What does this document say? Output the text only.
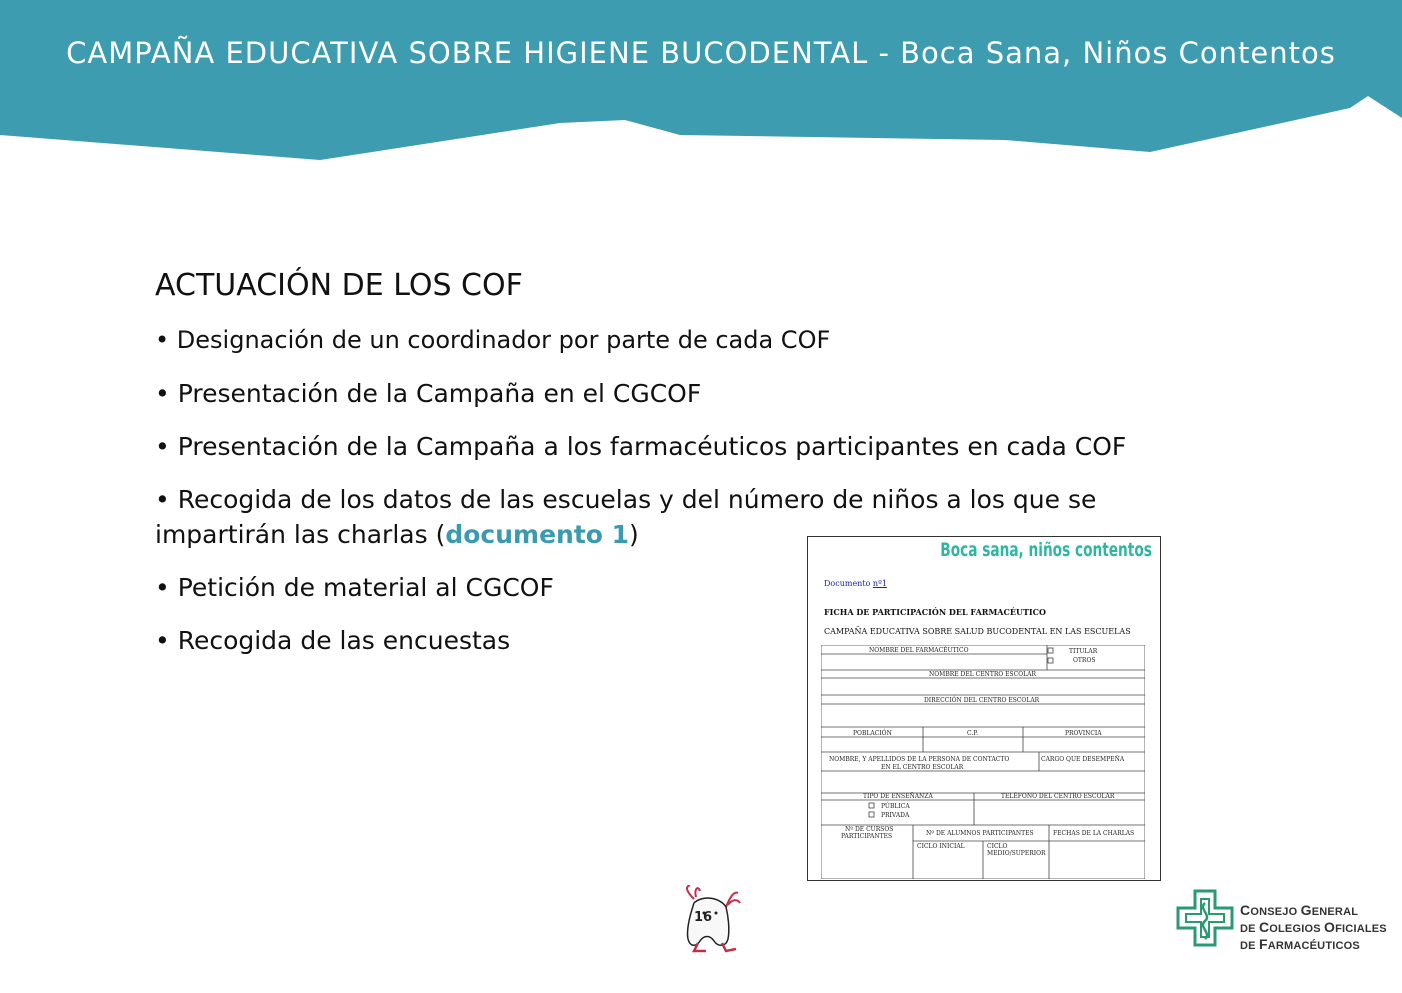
CAMPAÑA EDUCATIVA SOBRE HIGIENE BUCODENTAL - Boca Sana, Niños Contentos
ACTUACIÓN DE LOS COF
• Designación de un coordinador por parte de cada COF
• Presentación de la Campaña en el CGCOF
• Presentación de la Campaña a los farmacéuticos participantes en cada COF
• Recogida de los datos de las escuelas y del número de niños a los que se impartirán las charlas (documento 1)
• Petición de material al CGCOF
• Recogida de las encuestas
Boca sana, niños contentos
Documento nº1
FICHA DE PARTICIPACIÓN DEL FARMACÉUTICO
CAMPAÑA EDUCATIVA SOBRE SALUD BUCODENTAL EN LAS ESCUELAS
NOMBRE DEL FARMACÉUTICO	TITULAR
OTROS
NOMBRE DEL CENTRO ESCOLAR
DIRECCIÓN DEL CENTRO ESCOLAR
POBLACIÓN	C.P.	PROVINCIA
NOMBRE, Y APELLIDOS DE LA PERSONA DE CONTACTO
EN EL CENTRO ESCOLAR
CARGO QUE DESEMPEÑA
TIPO DE ENSEÑANZA	TELÉFONO DEL CENTRO ESCOLAR
PÚBLICA
PRIVADA
Nº DE CURSOS
PARTICIPANTES	Nº DE ALUMNOS PARTICIPANTES	FECHAS DE LA CHARLAS
CICLO INICIAL	CICLO
MEDIO/SUPERIOR
16	CONSEJO GENERAL
DE COLEGIOS OFICIALES
DE FARMACÉUTICOS
